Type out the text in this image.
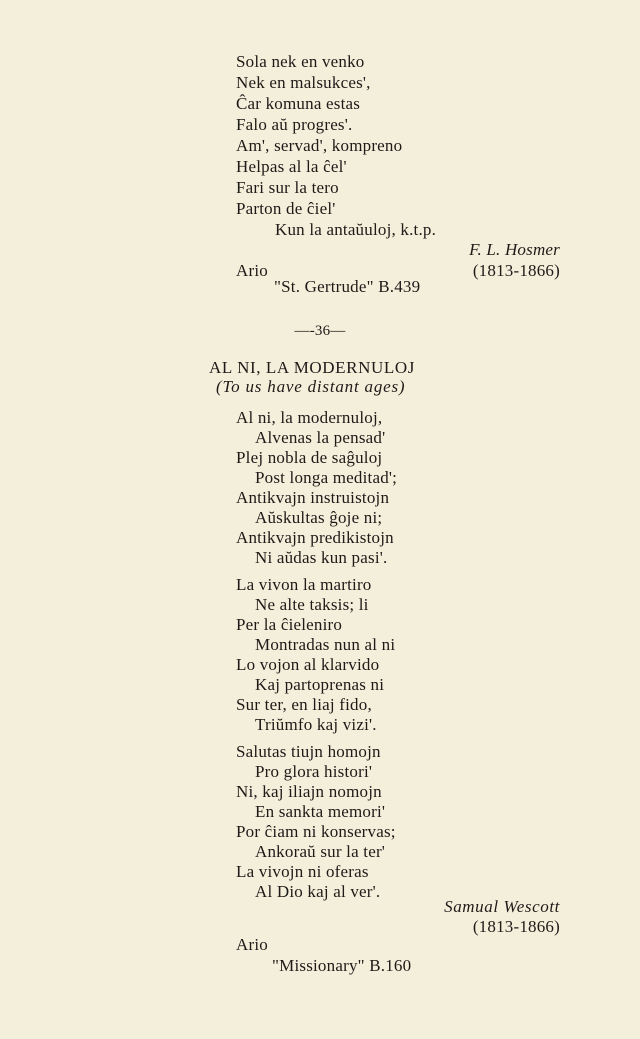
Sola nek en venko
Nek en malsukces',
Ĉar komuna estas
Falo aŭ progres'.
Am', servad', kompreno
Helpas al la ĉel'
Fari sur la tero
Parton de ĉiel'
Kun la antaŭuloj, k.t.p.
F. L. Hosmer
Ario	(1813-1866)
"St. Gertrude" B.439
—-36—
AL NI, LA MODERNULOJ
(To us have distant ages)
Al ni, la modernuloj,
Alvenas la pensad'
Plej nobla de saĝuloj
Post longa meditad';
Antikvajn instruistojn
Aŭskultas ĝoje ni;
Antikvajn predikistojn
Ni aŭdas kun pasi'.
La vivon la martiro
Ne alte taksis; li
Per la ĉieleniro
Montradas nun al ni
Lo vojon al klarvido
Kaj partoprenas ni
Sur ter, en liaj fido,
Triŭmfo kaj vizi'.
Salutas tiujn homojn
Pro glora histori'
Ni, kaj iliajn nomojn
En sankta memori'
Por ĉiam ni konservas;
Ankoraŭ sur la ter'
La vivojn ni oferas
Al Dio kaj al ver'.
Samual Wescott
(1813-1866)
Ario
"Missionary" B.160
